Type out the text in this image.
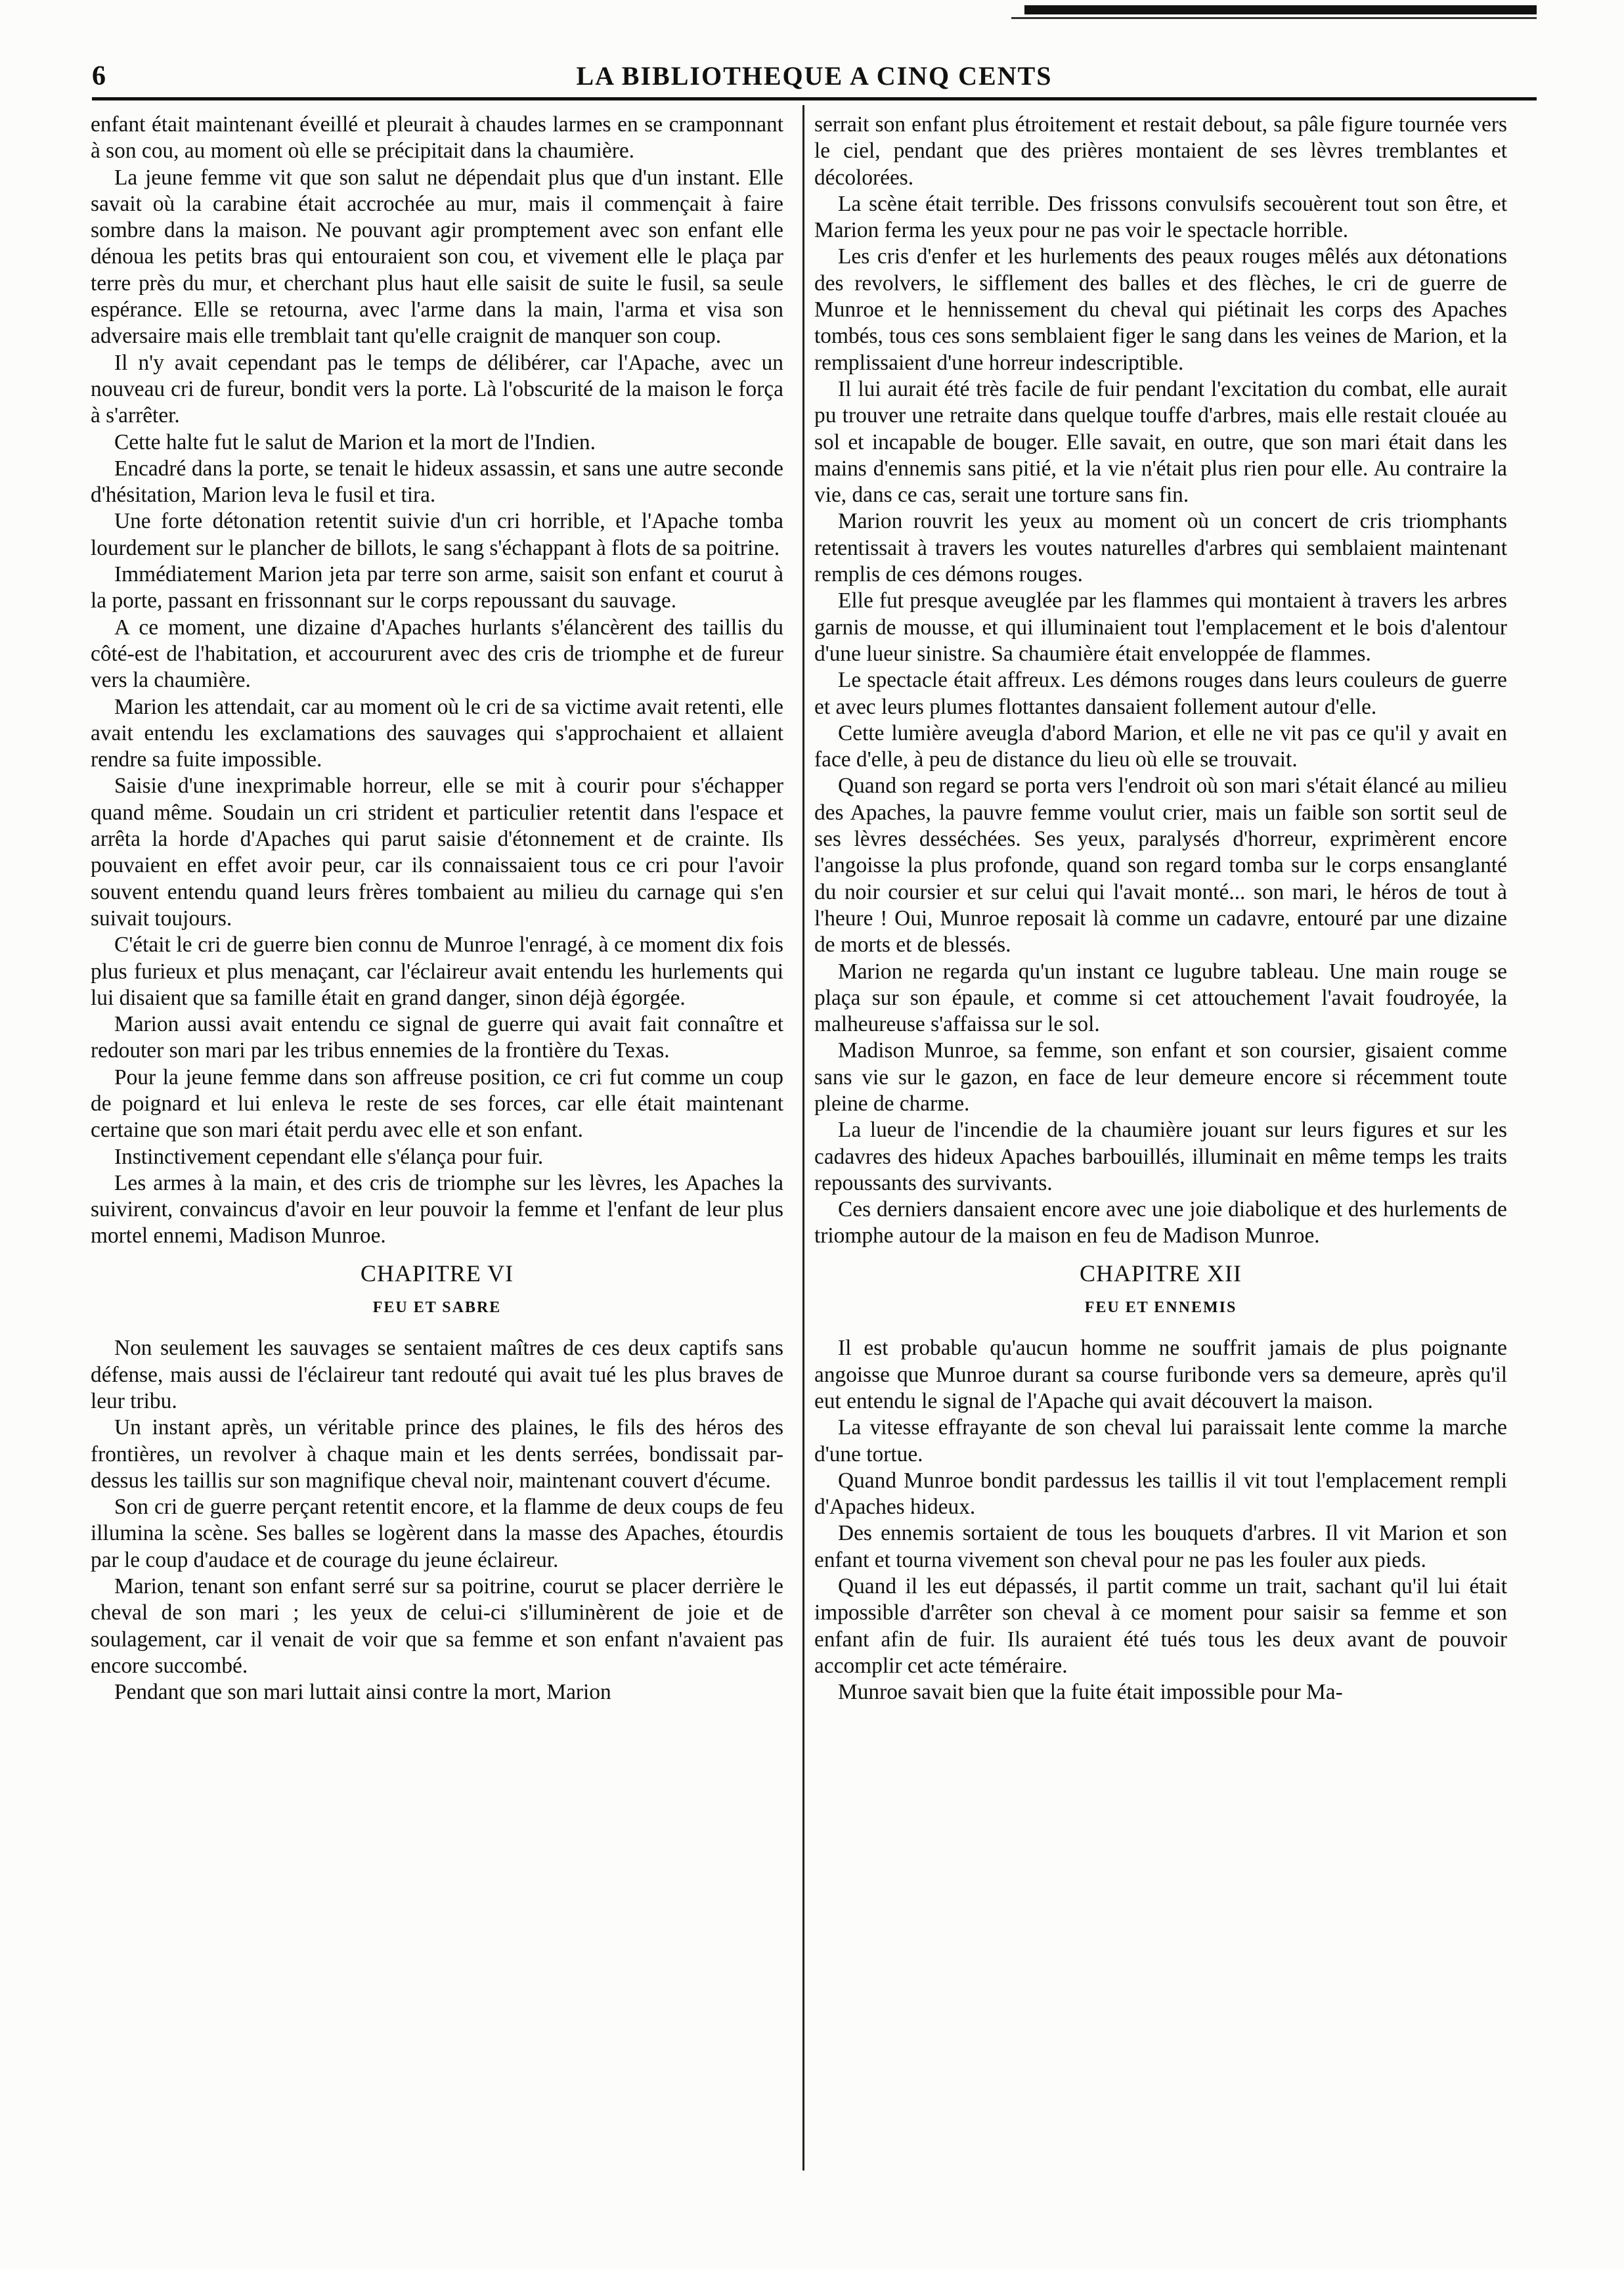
6	LA BIBLIOTHEQUE A CINQ CENTS

enfant était maintenant éveillé et pleurait à chaudes larmes en se cramponnant à son cou, au moment où elle se précipitait dans la chaumière.

La jeune femme vit que son salut ne dépendait plus que d'un instant. Elle savait où la carabine était accrochée au mur, mais il commençait à faire sombre dans la maison. Ne pouvant agir promptement avec son enfant elle dénoua les petits bras qui entouraient son cou, et vivement elle le plaça par terre près du mur, et cherchant plus haut elle saisit de suite le fusil, sa seule espérance. Elle se retourna, avec l'arme dans la main, l'arma et visa son adversaire mais elle tremblait tant qu'elle craignit de manquer son coup.

Il n'y avait cependant pas le temps de délibérer, car l'Apache, avec un nouveau cri de fureur, bondit vers la porte. Là l'obscurité de la maison le força à s'arrêter.

Cette halte fut le salut de Marion et la mort de l'Indien.

Encadré dans la porte, se tenait le hideux assassin, et sans une autre seconde d'hésitation, Marion leva le fusil et tira.

Une forte détonation retentit suivie d'un cri horrible, et l'Apache tomba lourdement sur le plancher de billots, le sang s'échappant à flots de sa poitrine.

Immédiatement Marion jeta par terre son arme, saisit son enfant et courut à la porte, passant en frissonnant sur le corps repoussant du sauvage.

A ce moment, une dizaine d'Apaches hurlants s'élancèrent des taillis du côté-est de l'habitation, et accoururent avec des cris de triomphe et de fureur vers la chaumière.

Marion les attendait, car au moment où le cri de sa victime avait retenti, elle avait entendu les exclamations des sauvages qui s'approchaient et allaient rendre sa fuite impossible.

Saisie d'une inexprimable horreur, elle se mit à courir pour s'échapper quand même. Soudain un cri strident et particulier retentit dans l'espace et arrêta la horde d'Apaches qui parut saisie d'étonnement et de crainte. Ils pouvaient en effet avoir peur, car ils connaissaient tous ce cri pour l'avoir souvent entendu quand leurs frères tombaient au milieu du carnage qui s'en suivait toujours.

C'était le cri de guerre bien connu de Munroe l'enragé, à ce moment dix fois plus furieux et plus menaçant, car l'éclaireur avait entendu les hurlements qui lui disaient que sa famille était en grand danger, sinon déjà égorgée.

Marion aussi avait entendu ce signal de guerre qui avait fait connaître et redouter son mari par les tribus ennemies de la frontière du Texas.

Pour la jeune femme dans son affreuse position, ce cri fut comme un coup de poignard et lui enleva le reste de ses forces, car elle était maintenant certaine que son mari était perdu avec elle et son enfant.

Instinctivement cependant elle s'élança pour fuir.

Les armes à la main, et des cris de triomphe sur les lèvres, les Apaches la suivirent, convaincus d'avoir en leur pouvoir la femme et l'enfant de leur plus mortel ennemi, Madison Munroe.

CHAPITRE VI
FEU ET SABRE

Non seulement les sauvages se sentaient maîtres de ces deux captifs sans défense, mais aussi de l'éclaireur tant redouté qui avait tué les plus braves de leur tribu.

Un instant après, un véritable prince des plaines, le fils des héros des frontières, un revolver à chaque main et les dents serrées, bondissait par-dessus les taillis sur son magnifique cheval noir, maintenant couvert d'écume.

Son cri de guerre perçant retentit encore, et la flamme de deux coups de feu illumina la scène. Ses balles se logèrent dans la masse des Apaches, étourdis par le coup d'audace et de courage du jeune éclaireur.

Marion, tenant son enfant serré sur sa poitrine, courut se placer derrière le cheval de son mari ; les yeux de celui-ci s'illuminèrent de joie et de soulagement, car il venait de voir que sa femme et son enfant n'avaient pas encore succombé.

Pendant que son mari luttait ainsi contre la mort, Marion

serrait son enfant plus étroitement et restait debout, sa pâle figure tournée vers le ciel, pendant que des prières montaient de ses lèvres tremblantes et décolorées.

La scène était terrible. Des frissons convulsifs secouèrent tout son être, et Marion ferma les yeux pour ne pas voir le spectacle horrible.

Les cris d'enfer et les hurlements des peaux rouges mêlés aux détonations des revolvers, le sifflement des balles et des flèches, le cri de guerre de Munroe et le hennissement du cheval qui piétinait les corps des Apaches tombés, tous ces sons semblaient figer le sang dans les veines de Marion, et la remplissaient d'une horreur indescriptible.

Il lui aurait été très facile de fuir pendant l'excitation du combat, elle aurait pu trouver une retraite dans quelque touffe d'arbres, mais elle restait clouée au sol et incapable de bouger. Elle savait, en outre, que son mari était dans les mains d'ennemis sans pitié, et la vie n'était plus rien pour elle. Au contraire la vie, dans ce cas, serait une torture sans fin.

Marion rouvrit les yeux au moment où un concert de cris triomphants retentissait à travers les voutes naturelles d'arbres qui semblaient maintenant remplis de ces démons rouges.

Elle fut presque aveuglée par les flammes qui montaient à travers les arbres garnis de mousse, et qui illuminaient tout l'emplacement et le bois d'alentour d'une lueur sinistre. Sa chaumière était enveloppée de flammes.

Le spectacle était affreux. Les démons rouges dans leurs couleurs de guerre et avec leurs plumes flottantes dansaient follement autour d'elle.

Cette lumière aveugla d'abord Marion, et elle ne vit pas ce qu'il y avait en face d'elle, à peu de distance du lieu où elle se trouvait.

Quand son regard se porta vers l'endroit où son mari s'était élancé au milieu des Apaches, la pauvre femme voulut crier, mais un faible son sortit seul de ses lèvres desséchées. Ses yeux, paralysés d'horreur, exprimèrent encore l'angoisse la plus profonde, quand son regard tomba sur le corps ensanglanté du noir coursier et sur celui qui l'avait monté... son mari, le héros de tout à l'heure ! Oui, Munroe reposait là comme un cadavre, entouré par une dizaine de morts et de blessés.

Marion ne regarda qu'un instant ce lugubre tableau. Une main rouge se plaça sur son épaule, et comme si cet attouchement l'avait foudroyée, la malheureuse s'affaissa sur le sol.

Madison Munroe, sa femme, son enfant et son coursier, gisaient comme sans vie sur le gazon, en face de leur demeure encore si récemment toute pleine de charme.

La lueur de l'incendie de la chaumière jouant sur leurs figures et sur les cadavres des hideux Apaches barbouillés, illuminait en même temps les traits repoussants des survivants.

Ces derniers dansaient encore avec une joie diabolique et des hurlements de triomphe autour de la maison en feu de Madison Munroe.

CHAPITRE XII
FEU ET ENNEMIS

Il est probable qu'aucun homme ne souffrit jamais de plus poignante angoisse que Munroe durant sa course furibonde vers sa demeure, après qu'il eut entendu le signal de l'Apache qui avait découvert la maison.

La vitesse effrayante de son cheval lui paraissait lente comme la marche d'une tortue.

Quand Munroe bondit pardessus les taillis il vit tout l'emplacement rempli d'Apaches hideux.

Des ennemis sortaient de tous les bouquets d'arbres. Il vit Marion et son enfant et tourna vivement son cheval pour ne pas les fouler aux pieds.

Quand il les eut dépassés, il partit comme un trait, sachant qu'il lui était impossible d'arrêter son cheval à ce moment pour saisir sa femme et son enfant afin de fuir. Ils auraient été tués tous les deux avant de pouvoir accomplir cet acte téméraire.

Munroe savait bien que la fuite était impossible pour Ma-
